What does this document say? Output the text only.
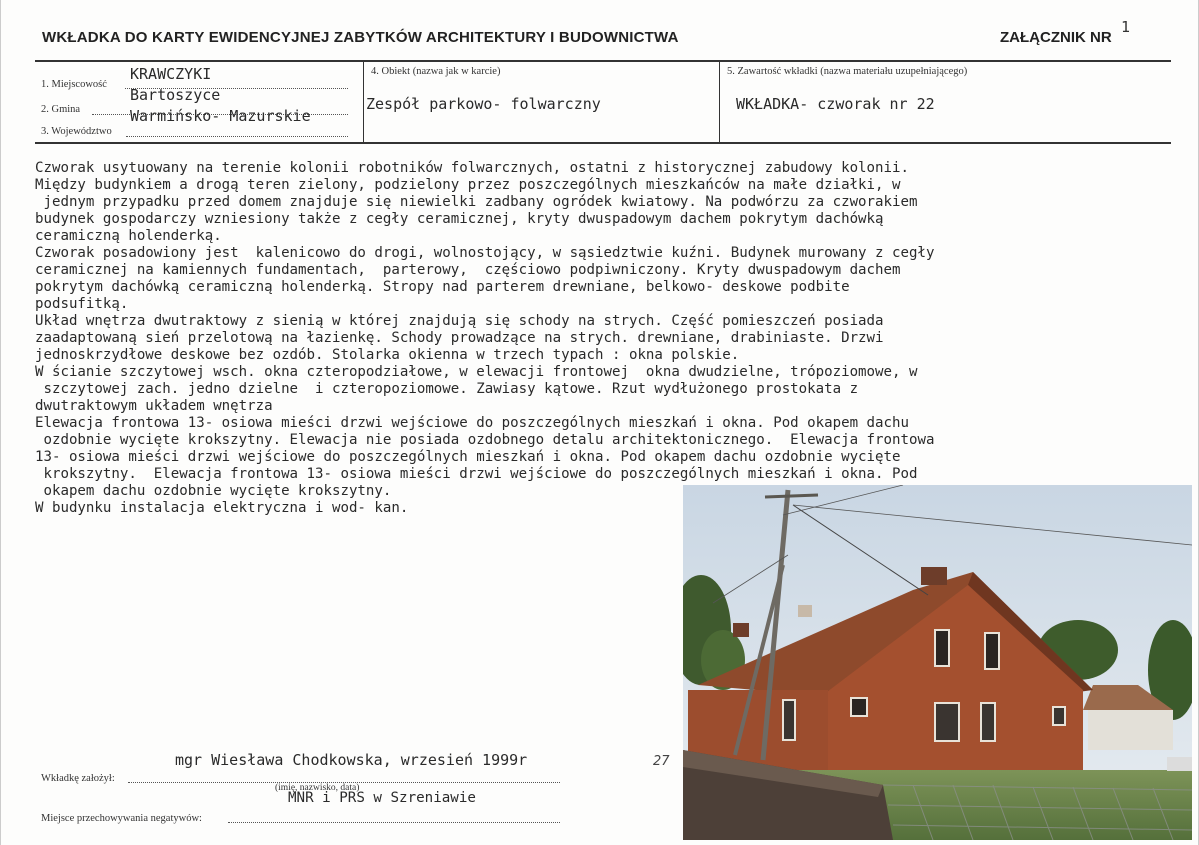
WKŁADKA DO KARTY EWIDENCYJNEJ ZABYTKÓW ARCHITEKTURY I BUDOWNICTWA	ZAŁĄCZNIK NR
1
1. Miejscowość
KRAWCZYKI
Bartoszyce
2. Gmina	Warmińsko- Mazurskie
3. Województwo
4. Obiekt (nazwa jak w karcie)
Zespół parkowo- folwarczny
5. Zawartość wkładki (nazwa materiału uzupełniającego)
WKŁADKA- czworak nr 22
Czworak usytuowany na terenie kolonii robotników folwarcznych, ostatni z historycznej zabudowy kolonii.
Między budynkiem a drogą teren zielony, podzielony przez poszczególnych mieszkańców na małe działki, w
jednym przypadku przed domem znajduje się niewielki zadbany ogródek kwiatowy. Na podwórzu za czworakiem
budynek gospodarczy wzniesiony także z cegły ceramicznej, kryty dwuspadowym dachem pokrytym dachówką
ceramiczną holenderką.
Czworak posadowiony jest  kalenicowo do drogi, wolnostojący, w sąsiedztwie kuźni. Budynek murowany z cegły
ceramicznej na kamiennych fundamentach,  parterowy,  częściowo podpiwniczony. Kryty dwuspadowym dachem
pokrytym dachówką ceramiczną holenderką. Stropy nad parterem drewniane, belkowo- deskowe podbite
podsufitką.
Układ wnętrza dwutraktowy z sienią w której znajdują się schody na strych. Część pomieszczeń posiada
zaadaptowaną sień przelotową na łazienkę. Schody prowadzące na strych. drewniane, drabiniaste. Drzwi
jednoskrzydłowe deskowe bez ozdób. Stolarka okienna w trzech typach : okna polskie.
W ścianie szczytowej wsch. okna czteropodziałowe, w elewacji frontowej  okna dwudzielne, trópoziomowe, w
szczytowej zach. jedno dzielne  i czteropoziomowe. Zawiasy kątowe. Rzut wydłużonego prostokata z
dwutraktowym układem wnętrza
Elewacja frontowa 13- osiowa mieści drzwi wejściowe do poszczególnych mieszkań i okna. Pod okapem dachu
ozdobnie wycięte krokszytny. Elewacja nie posiada ozdobnego detalu architektonicznego.  Elewacja frontowa
13- osiowa mieści drzwi wejściowe do poszczególnych mieszkań i okna. Pod okapem dachu ozdobnie wycięte
krokszytny.  Elewacja frontowa 13- osiowa mieści drzwi wejściowe do poszczególnych mieszkań i okna. Pod
okapem dachu ozdobnie wycięte krokszytny.
W budynku instalacja elektryczna i wod- kan.
mgr Wiesława Chodkowska, wrzesień 1999r
Wkładkę założył:
(imię, nazwisko, data)
MNR i PRS w Szreniawie
Miejsce przechowywania negatywów:
27
